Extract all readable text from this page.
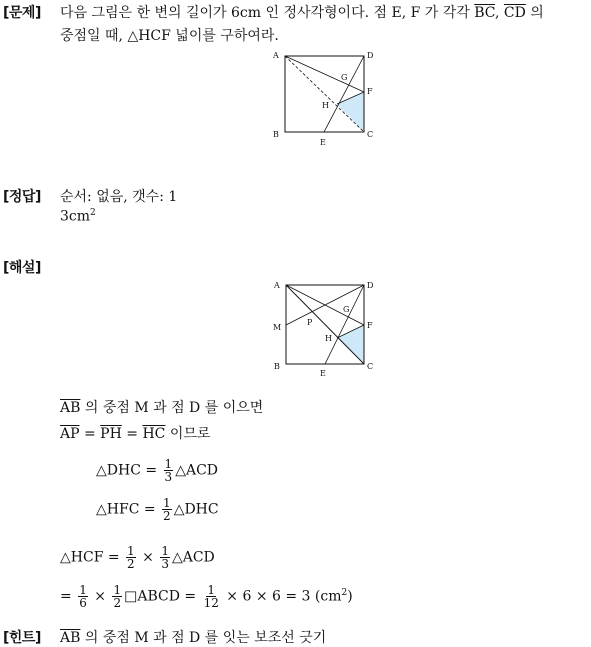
[문제] 다음 그림은 한 변의 길이가 6cm 인 정사각형이다. 점 E, F 가 각각 $\overline{BC}$, $\overline{CD}$ 의
중점일 때, △HCF 넓이를 구하여라.
A	D
B	C
E
F
G
H
[정답] 순서: 없음, 갯수: 1
$3cm^2$
[해설]
A	D
M
B	C
E
F
G
P
H
$\overline{AB}$ 의 중점 M 과 점 D 를 이으면
$\overline{AP} = \overline{PH} = \overline{HC}$ 이므로
△DHC = $\frac{1}{3}$ △ACD
△HFC = $\frac{1}{2}$ △DHC
△HCF = $\frac{1}{2} \times \frac{1}{3}$ △ACD
= $\frac{1}{6} \times \frac{1}{2}$ □ABCD = $\frac{1}{12} \times 6 \times 6 = 3$ $(cm^2)$
[힌트] $\overline{AB}$ 의 중점 M 과 점 D 를 잇는 보조선 긋기
